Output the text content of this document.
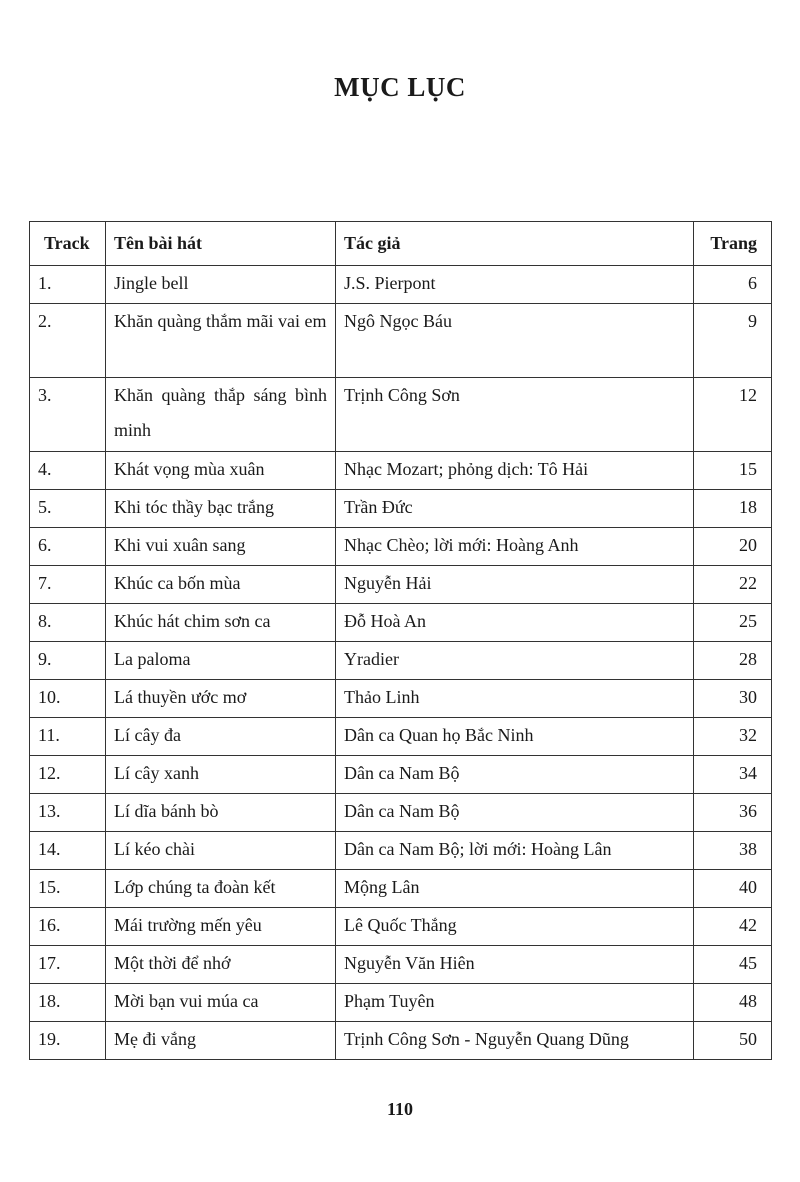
MỤC LỤC
Track	Tên bài hát	Tác giả	Trang
1.	Jingle bell	J.S. Pierpont	6
2.	Khăn quàng thắm mãi vai em	Ngô Ngọc Báu	9
3.	Khăn quàng thắp sáng bình minh	Trịnh Công Sơn	12
4.	Khát vọng mùa xuân	Nhạc Mozart; phỏng dịch: Tô Hải	15
5.	Khi tóc thầy bạc trắng	Trần Đức	18
6.	Khi vui xuân sang	Nhạc Chèo; lời mới: Hoàng Anh	20
7.	Khúc ca bốn mùa	Nguyễn Hải	22
8.	Khúc hát chim sơn ca	Đỗ Hoà An	25
9.	La paloma	Yradier	28
10.	Lá thuyền ước mơ	Thảo Linh	30
11.	Lí cây đa	Dân ca Quan họ Bắc Ninh	32
12.	Lí cây xanh	Dân ca Nam Bộ	34
13.	Lí dĩa bánh bò	Dân ca Nam Bộ	36
14.	Lí kéo chài	Dân ca Nam Bộ; lời mới: Hoàng Lân	38
15.	Lớp chúng ta đoàn kết	Mộng Lân	40
16.	Mái trường mến yêu	Lê Quốc Thắng	42
17.	Một thời để nhớ	Nguyễn Văn Hiên	45
18.	Mời bạn vui múa ca	Phạm Tuyên	48
19.	Mẹ đi vắng	Trịnh Công Sơn - Nguyễn Quang Dũng	50
110
